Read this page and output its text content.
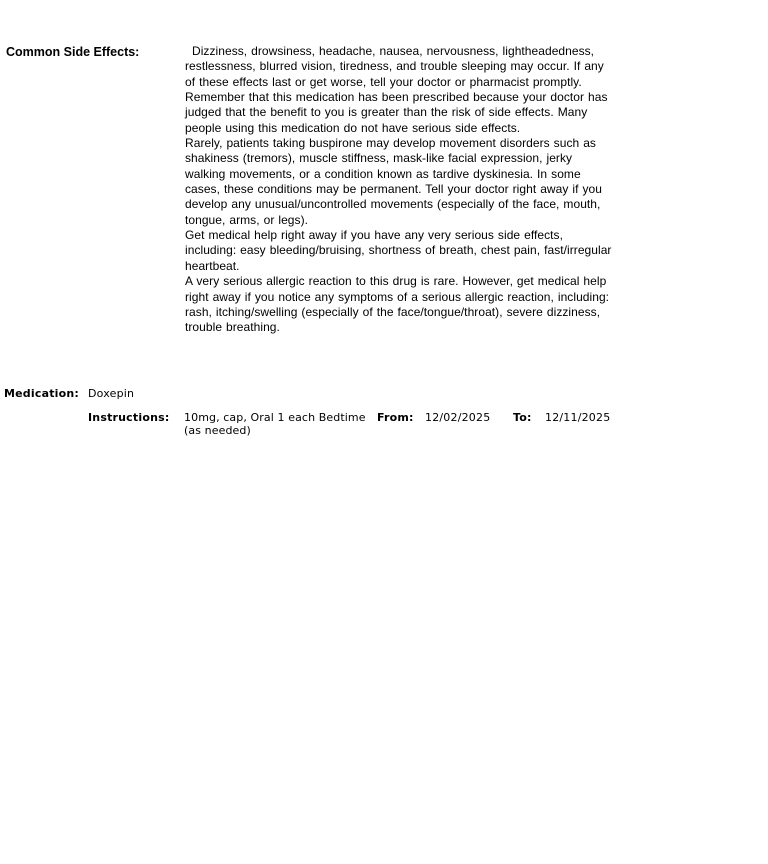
Common Side Effects:	Dizziness, drowsiness, headache, nausea, nervousness, lightheadedness, restlessness, blurred vision, tiredness, and trouble sleeping may occur. If any of these effects last or get worse, tell your doctor or pharmacist promptly.

Remember that this medication has been prescribed because your doctor has judged that the benefit to you is greater than the risk of side effects. Many people using this medication do not have serious side effects.

Rarely, patients taking buspirone may develop movement disorders such as shakiness (tremors), muscle stiffness, mask-like facial expression, jerky walking movements, or a condition known as tardive dyskinesia. In some cases, these conditions may be permanent. Tell your doctor right away if you develop any unusual/uncontrolled movements (especially of the face, mouth, tongue, arms, or legs).

Get medical help right away if you have any very serious side effects, including: easy bleeding/bruising, shortness of breath, chest pain, fast/irregular heartbeat.

A very serious allergic reaction to this drug is rare. However, get medical help right away if you notice any symptoms of a serious allergic reaction, including: rash, itching/swelling (especially of the face/tongue/throat), severe dizziness, trouble breathing.

Medication: Doxepin
Instructions: 10mg, cap, Oral 1 each Bedtime (as needed)
From: 12/02/2025 To: 12/11/2025
